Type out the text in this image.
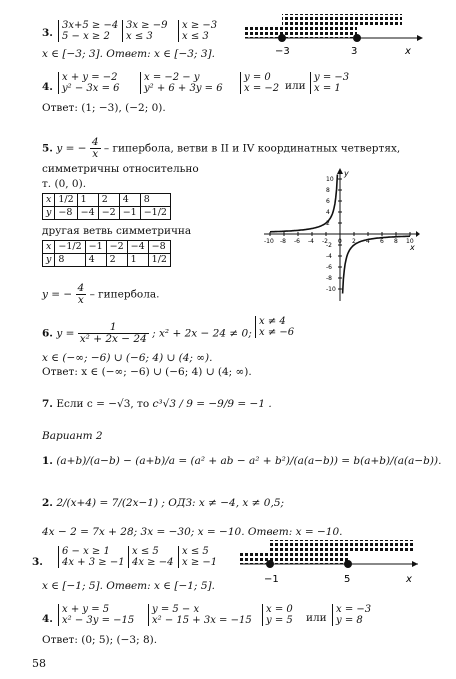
3.
3x+5 ≥ −4
5 − x ≥ 2
3x ≥ −9
x ≤ 3
x ≥ −3
x ≤ 3
−3	3	x
x ∈ [−3; 3]. Ответ: x ∈ [−3; 3].
4.
x + y = −2
y² − 3x = 6
x = −2 − y
y² + 6 + 3y = 6
y = 0
x = −2 или
y = −3
x = 1
Ответ: (1; −3), (−2; 0).
5. y = − $\frac{4}{x}$ – гипербола, ветви в II и IV координатных четвертях,
симметричны относительно
т. (0, 0).
x	1/2	1	2	4	8
y	−8	−4	−2	−1	−1/2
другая ветвь симметрична
x	−1/2	−1	−2	−4	−8
y	8	4	2	1	1/2
y = − $\frac{4}{x}$ – гипербола.
-10 -8 -6 -4 -2 0 2 4 6 8 10
10
8
6
4
2
-2
-4
-6
-8
-10
y
x
6. $y = \frac{1}{\text{x² + 2x − 24}}$ ; x² + 2x − 24 ≠ 0;
x ≠ 4
x ≠ −6
x ∈ (−∞; −6) ∪ (−6; 4) ∪ (4; ∞).
Ответ: x ∈ (−∞; −6) ∪ (−6; 4) ∪ (4; ∞).
7. Если c = −√3, то c³√3 / 9 = −9/9 = −1 .
Вариант 2
1. (a+b)/(a−b) − (a+b)/a = (a² + ab − a² + b²)/(a(a−b)) = b(a+b)/(a(a−b)).
2. 2/(x+4) = 7/(2x−1) ; ОДЗ: x ≠ −4, x ≠ 0,5;
4x − 2 = 7x + 28; 3x = −30; x = −10. Ответ: x = −10.
3.
6 − x ≥ 1
4x + 3 ≥ −1
x ≤ 5
4x ≥ −4
x ≤ 5
x ≥ −1
−1	5	x
x ∈ [−1; 5]. Ответ: x ∈ [−1; 5].
4.
x + y = 5
x² − 3y = −15
y = 5 − x
x² − 15 + 3x = −15
x = 0
y = 5 или
x = −3
y = 8
Ответ: (0; 5); (−3; 8).
58
